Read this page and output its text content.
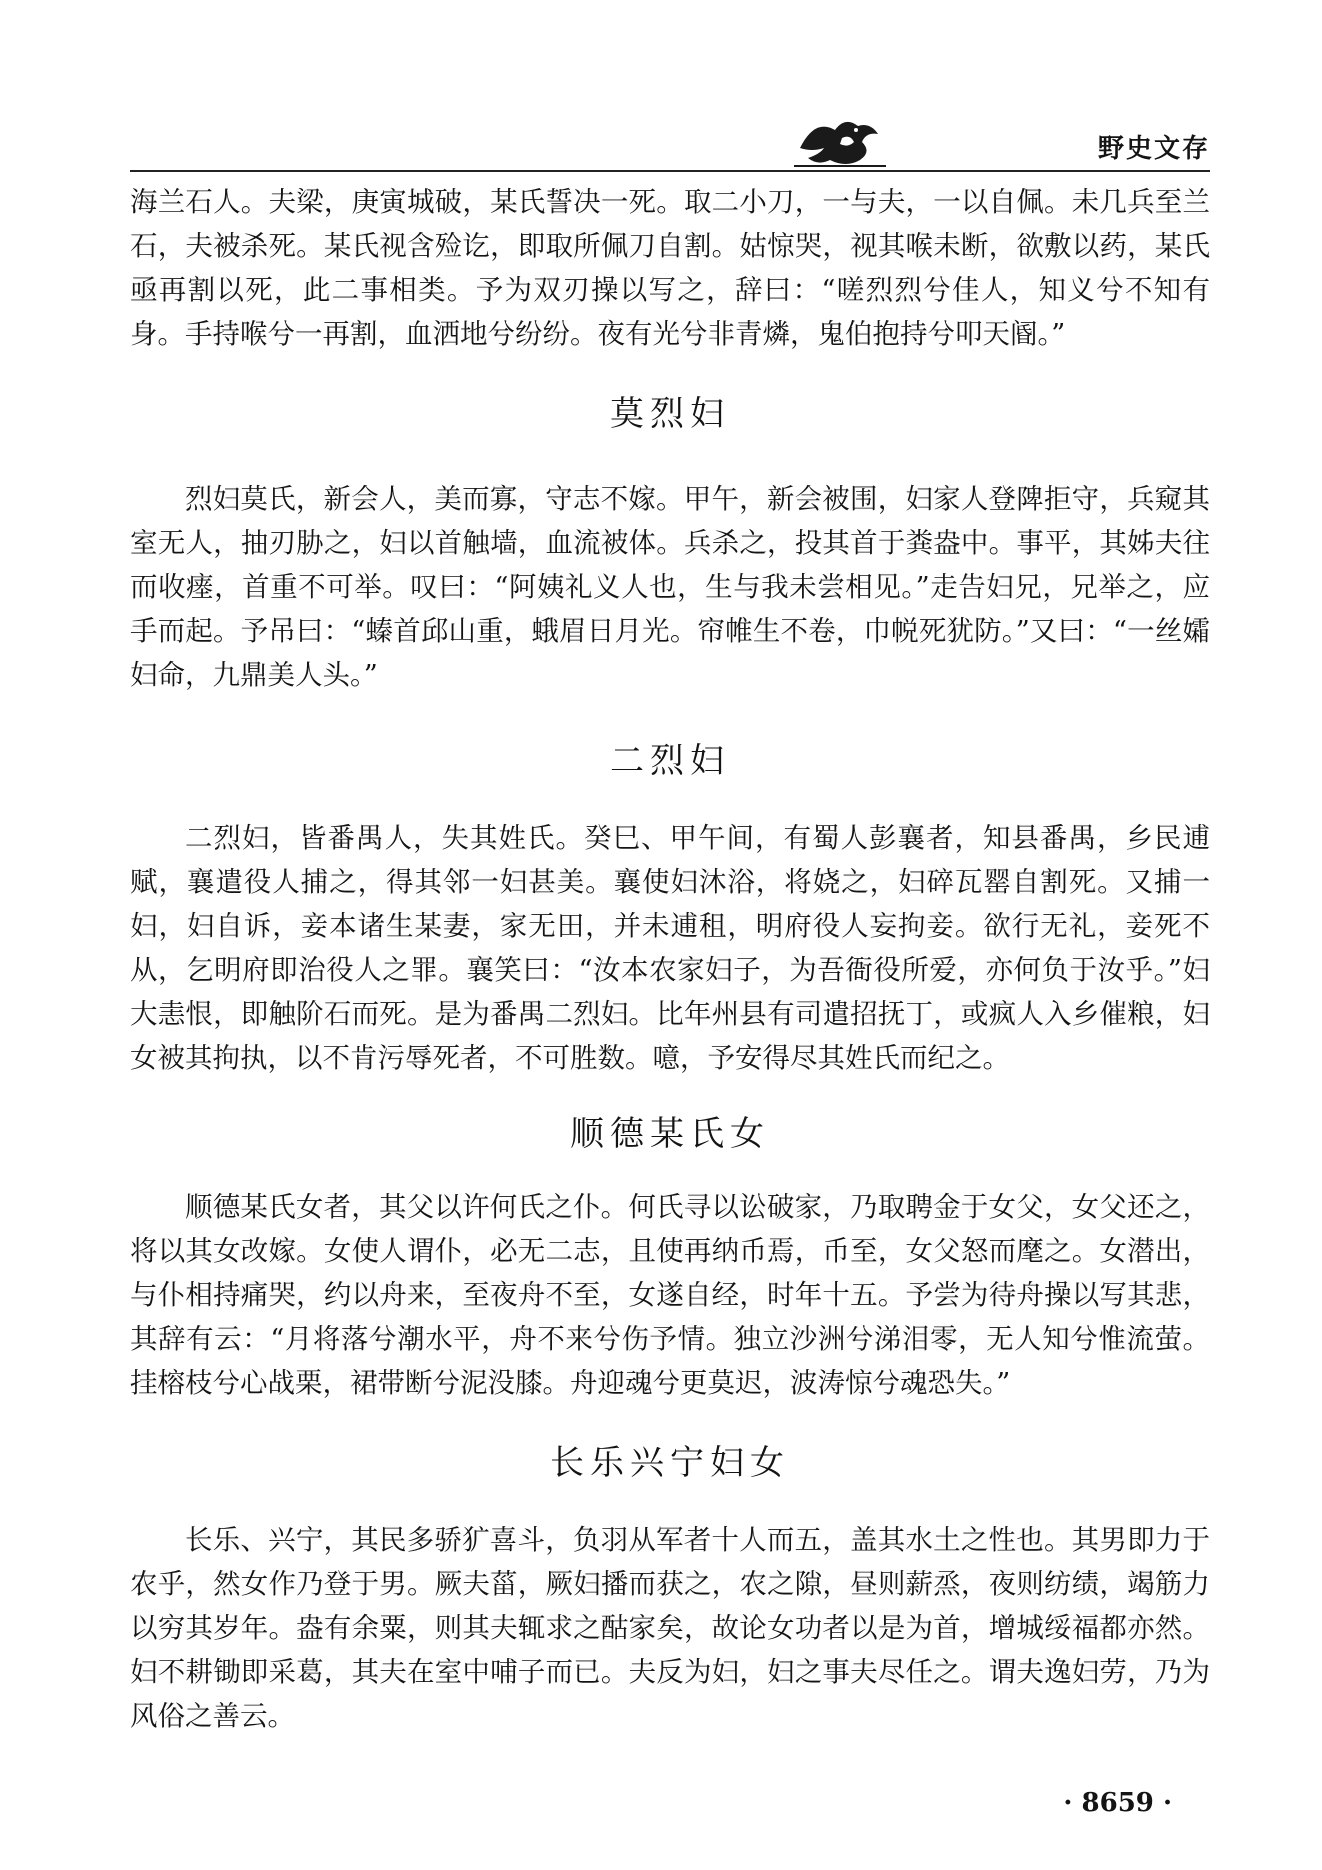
野史文存

海兰石人。夫梁，庚寅城破，某氏誓决一死。取二小刀，一与夫，一以自佩。未几兵至兰石，夫被杀死。某氏视含殓讫，即取所佩刀自割。姑惊哭，视其喉未断，欲敷以药，某氏亟再割以死，此二事相类。予为双刃操以写之，辞曰：“嗟烈烈兮佳人，知义兮不知有身。手持喉兮一再割，血洒地兮纷纷。夜有光兮非青燐，鬼伯抱持兮叩天阍。”

莫烈妇

烈妇莫氏，新会人，美而寡，守志不嫁。甲午，新会被围，妇家人登陴拒守，兵窥其室无人，抽刃胁之，妇以首触墙，血流被体。兵杀之，投其首于粪盎中。事平，其姊夫往而收瘗，首重不可举。叹曰：“阿姨礼义人也，生与我未尝相见。”走告妇兄，兄举之，应手而起。予吊曰：“螓首邱山重，蛾眉日月光。帘帷生不卷，巾帨死犹防。”又曰：“一丝孀妇命，九鼎美人头。”

二烈妇

二烈妇，皆番禺人，失其姓氏。癸巳、甲午间，有蜀人彭襄者，知县番禺，乡民逋赋，襄遣役人捕之，得其邻一妇甚美。襄使妇沐浴，将娆之，妇碎瓦罂自割死。又捕一妇，妇自诉，妾本诸生某妻，家无田，并未逋租，明府役人妄拘妾。欲行无礼，妾死不从，乞明府即治役人之罪。襄笑曰：“汝本农家妇子，为吾衙役所爱，亦何负于汝乎。”妇大恚恨，即触阶石而死。是为番禺二烈妇。比年州县有司遣招抚丁，或疯人入乡催粮，妇女被其拘执，以不肯污辱死者，不可胜数。噫，予安得尽其姓氏而纪之。

顺德某氏女

顺德某氏女者，其父以许何氏之仆。何氏寻以讼破家，乃取聘金于女父，女父还之，将以其女改嫁。女使人谓仆，必无二志，且使再纳币焉，币至，女父怒而麾之。女潜出，与仆相持痛哭，约以舟来，至夜舟不至，女遂自经，时年十五。予尝为待舟操以写其悲，其辞有云：“月将落兮潮水平，舟不来兮伤予情。独立沙洲兮涕泪零，无人知兮惟流萤。挂榕枝兮心战栗，裙带断兮泥没膝。舟迎魂兮更莫迟，波涛惊兮魂恐失。”

长乐兴宁妇女

长乐、兴宁，其民多骄犷喜斗，负羽从军者十人而五，盖其水土之性也。其男即力于农乎，然女作乃登于男。厥夫菑，厥妇播而获之，农之隙，昼则薪烝，夜则纺绩，竭筋力以穷其岁年。盎有余粟，则其夫辄求之酤家矣，故论女功者以是为首，增城绥福都亦然。妇不耕锄即采葛，其夫在室中哺子而已。夫反为妇，妇之事夫尽任之。谓夫逸妇劳，乃为风俗之善云。

· 8659 ·
